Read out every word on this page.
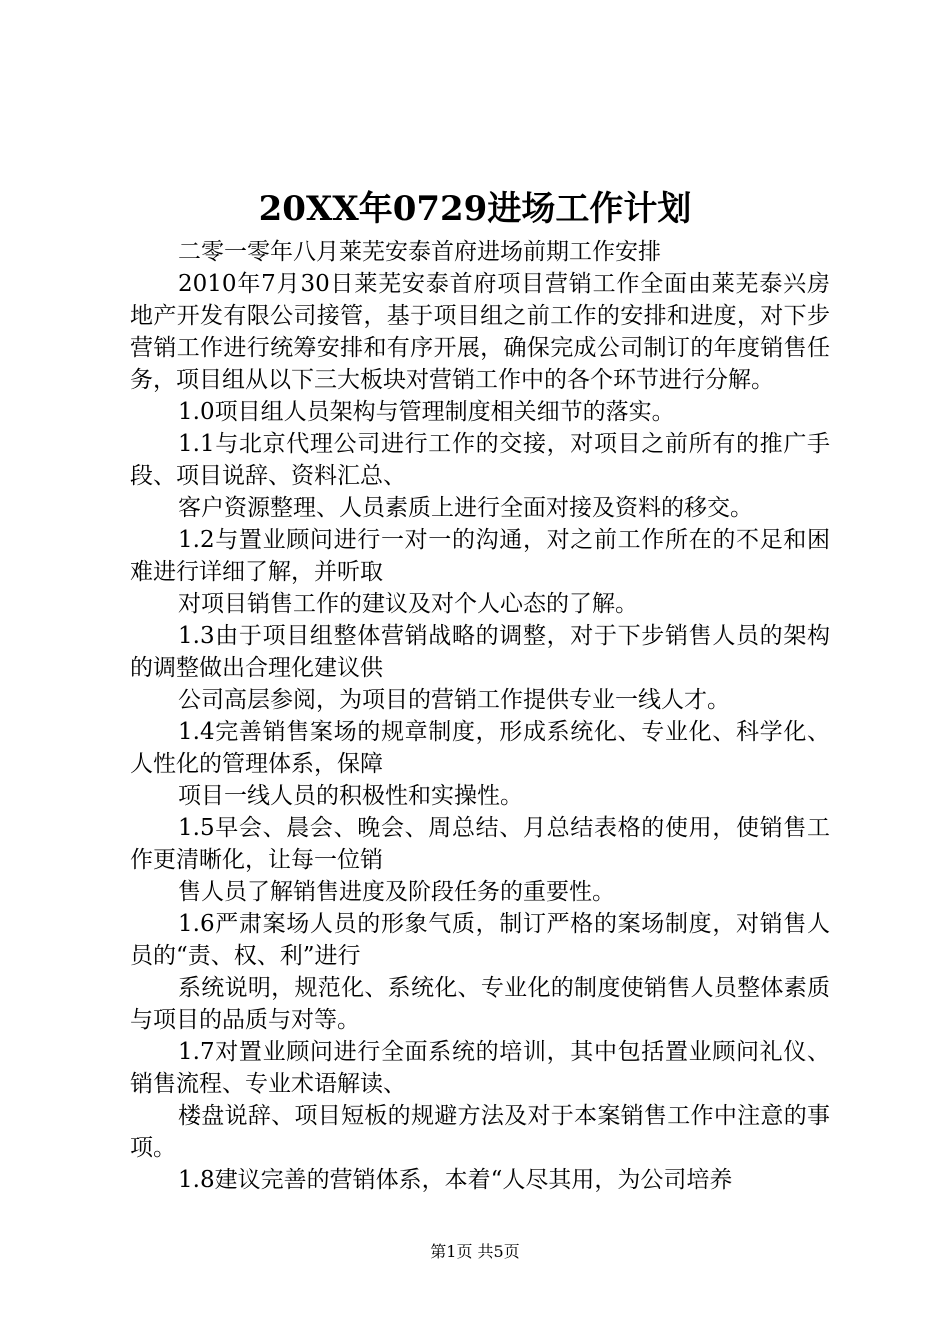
20XX年0729进场工作计划

二零一零年八月莱芜安泰首府进场前期工作安排

2010年7月30日莱芜安泰首府项目营销工作全面由莱芜泰兴房地产开发有限公司接管，基于项目组之前工作的安排和进度，对下步营销工作进行统筹安排和有序开展，确保完成公司制订的年度销售任务，项目组从以下三大板块对营销工作中的各个环节进行分解。

1.0项目组人员架构与管理制度相关细节的落实。

1.1与北京代理公司进行工作的交接，对项目之前所有的推广手段、项目说辞、资料汇总、

客户资源整理、人员素质上进行全面对接及资料的移交。

1.2与置业顾问进行一对一的沟通，对之前工作所在的不足和困难进行详细了解，并听取

对项目销售工作的建议及对个人心态的了解。

1.3由于项目组整体营销战略的调整，对于下步销售人员的架构的调整做出合理化建议供

公司高层参阅，为项目的营销工作提供专业一线人才。

1.4完善销售案场的规章制度，形成系统化、专业化、科学化、人性化的管理体系，保障

项目一线人员的积极性和实操性。

1.5早会、晨会、晚会、周总结、月总结表格的使用，使销售工作更清晰化，让每一位销

售人员了解销售进度及阶段任务的重要性。

1.6严肃案场人员的形象气质，制订严格的案场制度，对销售人员的“责、权、利”进行

系统说明，规范化、系统化、专业化的制度使销售人员整体素质与项目的品质与对等。

1.7对置业顾问进行全面系统的培训，其中包括置业顾问礼仪、销售流程、专业术语解读、

楼盘说辞、项目短板的规避方法及对于本案销售工作中注意的事项。

1.8建议完善的营销体系，本着“人尽其用，为公司培养

第1页 共5页
